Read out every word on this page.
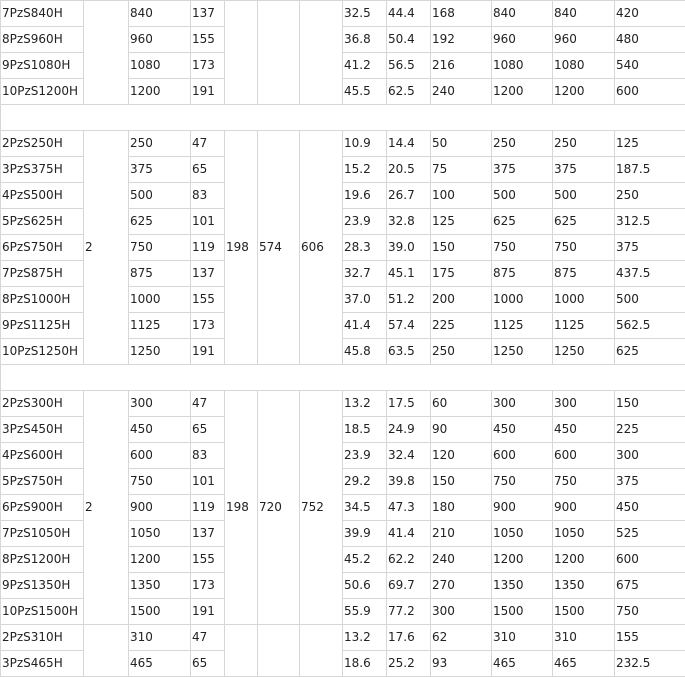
7PzS840H		840	137				32.5	44.4	168	840	840	420
8PzS960H		960	155				36.8	50.4	192	960	960	480
9PzS1080H		1080	173				41.2	56.5	216	1080	1080	540
10PzS1200H		1200	191				45.5	62.5	240	1200	1200	600

2PzS250H	2	250	47	198	574	606	10.9	14.4	50	250	250	125
3PzS375H		375	65				15.2	20.5	75	375	375	187.5
4PzS500H		500	83				19.6	26.7	100	500	500	250
5PzS625H		625	101				23.9	32.8	125	625	625	312.5
6PzS750H		750	119				28.3	39.0	150	750	750	375
7PzS875H		875	137				32.7	45.1	175	875	875	437.5
8PzS1000H		1000	155				37.0	51.2	200	1000	1000	500
9PzS1125H		1125	173				41.4	57.4	225	1125	1125	562.5
10PzS1250H		1250	191				45.8	63.5	250	1250	1250	625

2PzS300H	2	300	47	198	720	752	13.2	17.5	60	300	300	150
3PzS450H		450	65				18.5	24.9	90	450	450	225
4PzS600H		600	83				23.9	32.4	120	600	600	300
5PzS750H		750	101				29.2	39.8	150	750	750	375
6PzS900H		900	119				34.5	47.3	180	900	900	450
7PzS1050H		1050	137				39.9	41.4	210	1050	1050	525
8PzS1200H		1200	155				45.2	62.2	240	1200	1200	600
9PzS1350H		1350	173				50.6	69.7	270	1350	1350	675
10PzS1500H		1500	191				55.9	77.2	300	1500	1500	750
2PzS310H		310	47				13.2	17.6	62	310	310	155
3PzS465H		465	65				18.6	25.2	93	465	465	232.5
